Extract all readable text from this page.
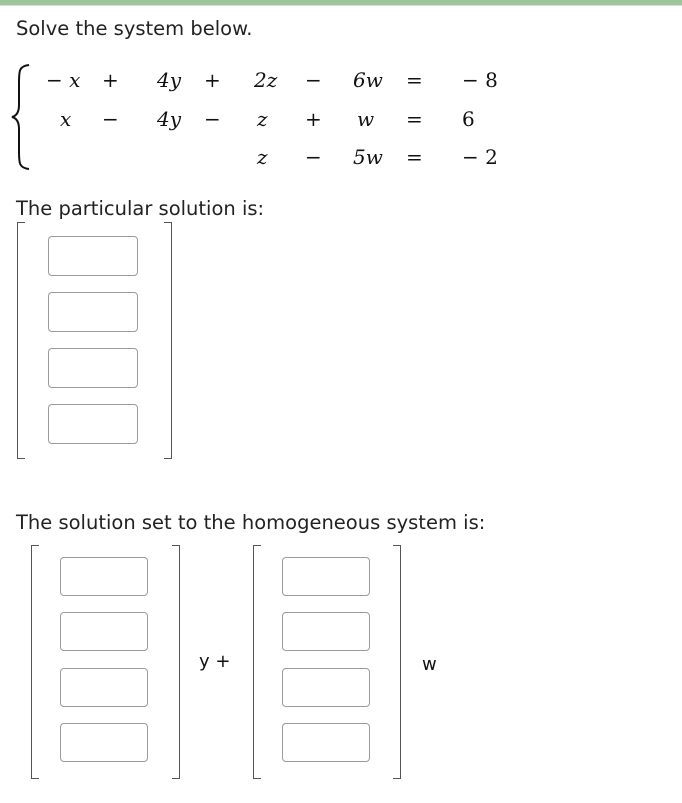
Solve the system below.
− 𝑥 + 4𝑦 + 2𝑧 − 6𝑤 = − 8
𝑥 − 4𝑦 − 𝑧 + 𝑤 = 6
𝑧 − 5𝑤 = − 2
The particular solution is:
The solution set to the homogeneous system is:
y +	w
